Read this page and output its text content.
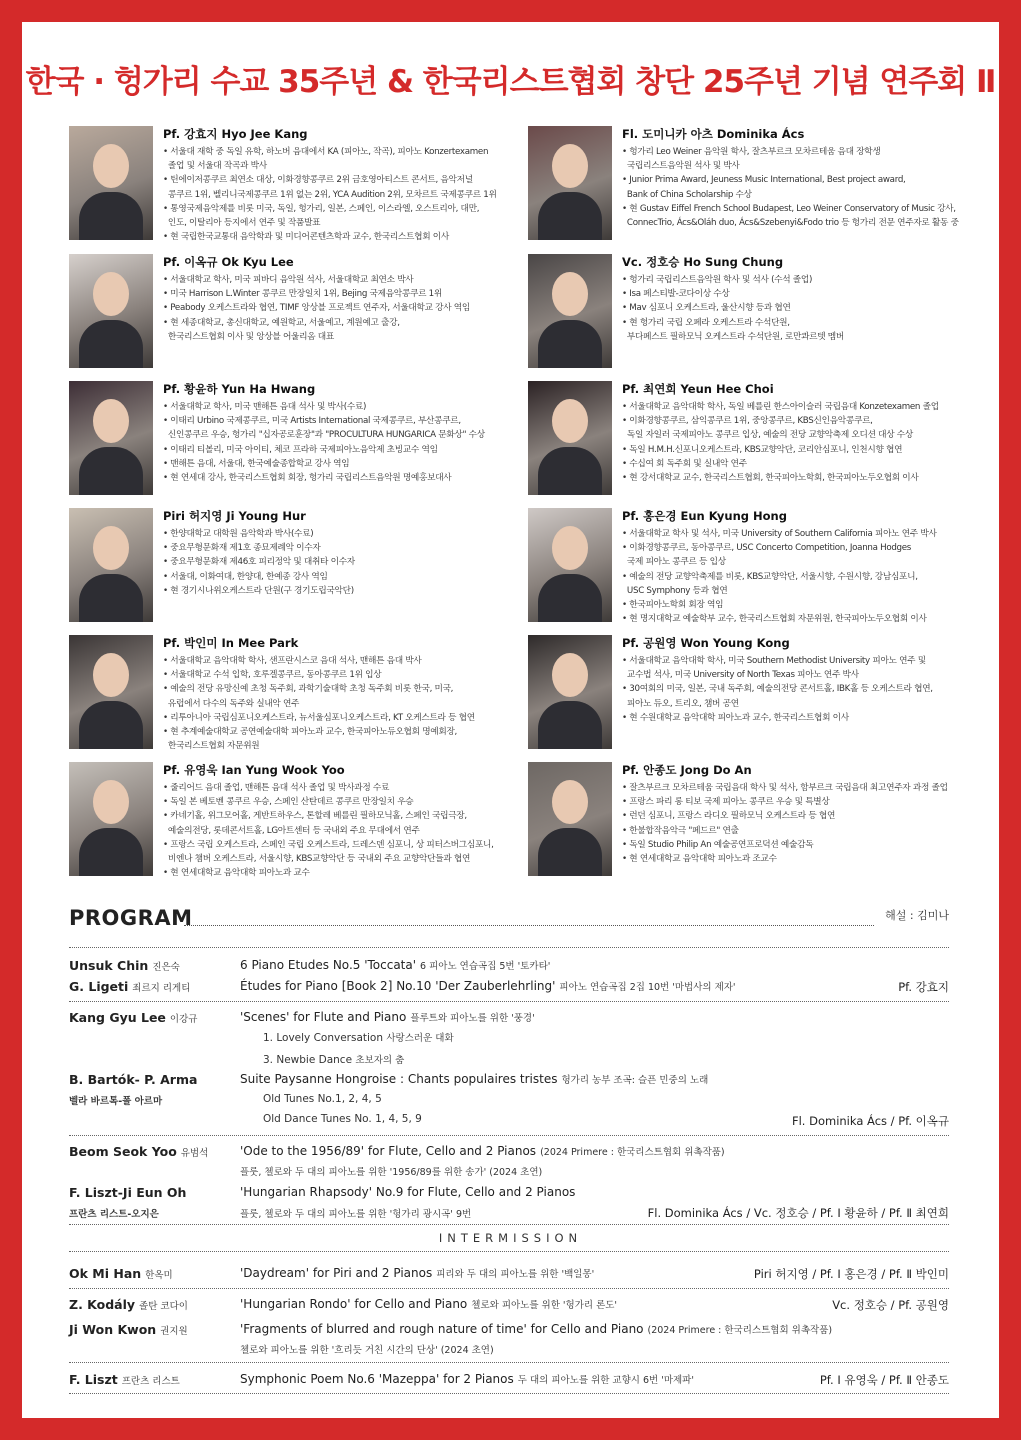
한국 · 헝가리 수교 35주년 & 한국리스트협회 창단 25주년 기념 연주회 Ⅱ
Pf. 강효지 Hyo Jee Kang
• 서울대 재학 중 독일 유학, 하노버 음대에서 KA (피아노, 작곡), 피아노 Konzertexamen
졸업 및 서울대 작곡과 박사
• 틴에이저콩쿠르 최연소 대상, 이화경향콩쿠르 2위 금호영아티스트 콘서트, 음악저널
콩쿠르 1위, 벨리니국제콩쿠르 1위 없는 2위, YCA Audition 2위, 모차르트 국제콩쿠르 1위
• 통영국제음악제를 비롯 미국, 독일, 헝가리, 일본, 스페인, 이스라엘, 오스트리아, 대만,
인도, 이탈리아 등지에서 연주 및 작품발표
• 현 국립한국교통대 음악학과 및 미디어콘텐츠학과 교수, 한국리스트협회 이사
Fl. 도미니카 아츠 Dominika Ács
• 헝가리 Leo Weiner 음악원 학사, 잘츠부르크 모차르테움 음대 장학생
국립리스트음악원 석사 및 박사
• Junior Prima Award, Jeuness Music International, Best project award,
Bank of China Scholarship 수상
• 현 Gustav Eiffel French School Budapest, Leo Weiner Conservatory of Music 강사,
ConnecTrio, Ács&Oláh duo, Ács&Szebenyi&Fodo trio 등 헝가리 전문 연주자로 활동 중
Pf. 이옥규 Ok Kyu Lee
• 서울대학교 학사, 미국 피바디 음악원 석사, 서울대학교 최연소 박사
• 미국 Harrison L.Winter 콩쿠르 만장일치 1위, Bejing 국제음악콩쿠르 1위
• Peabody 오케스트라와 협연, TIMF 앙상블 프로젝트 연주자, 서울대학교 강사 역임
• 현 세종대학교, 총신대학교, 예원학교, 서울예고, 계원예고 출강,
한국리스트협회 이사 및 앙상블 어울리옴 대표
Vc. 정호승 Ho Sung Chung
• 헝가리 국립리스트음악원 학사 및 석사 (수석 졸업)
• Isa 페스티발-코다이상 수상
• Mav 심포니 오케스트라, 울산시향 등과 협연
• 현 헝가리 국립 오페라 오케스트라 수석단원,
부다페스트 필하모닉 오케스트라 수석단원, 로만콰르텟 멤버
Pf. 황윤하 Yun Ha Hwang
• 서울대학교 학사, 미국 맨해튼 음대 석사 및 박사(수료)
• 이태리 Urbino 국제콩쿠르, 미국 Artists International 국제콩쿠르, 부산콩쿠르,
신인콩쿠르 우승, 헝가리 "십자공로훈장"과 "PROCULTURA HUNGARICA 문화상" 수상
• 이태리 티볼리, 미국 아이티, 체코 프라하 국제피아노음악제 초빙교수 역임
• 맨해튼 음대, 서울대, 한국예술종합학교 강사 역임
• 현 연세대 강사, 한국리스트협회 회장, 헝가리 국립리스트음악원 명예홍보대사
Pf. 최연희 Yeun Hee Choi
• 서울대학교 음악대학 학사, 독일 베를린 한스아이슬러 국립음대 Konzetexamen 졸업
• 이화경향콩쿠르, 삼익콩쿠르 1위, 중앙콩쿠르, KBS신인음악콩쿠르,
독일 자일러 국제피아노 콩쿠르 입상, 예술의 전당 교향악축제 오디션 대상 수상
• 독일 H.M.H.신포니오케스트라, KBS교향악단, 코리안심포니, 인천시향 협연
• 수십여 회 독주회 및 실내악 연주
• 현 강서대학교 교수, 한국리스트협회, 한국피아노학회, 한국피아노두오협회 이사
Piri 허지영 Ji Young Hur
• 한양대학교 대학원 음악학과 박사(수료)
• 중요무형문화재 제1호 종묘제례악 이수자
• 중요무형문화재 제46호 피리정악 및 대취타 이수자
• 서울대, 이화여대, 한양대, 한예종 강사 역임
• 현 경기시나위오케스트라 단원(구 경기도립국악단)
Pf. 홍은경 Eun Kyung Hong
• 서울대학교 학사 및 석사, 미국 University of Southern California 피아노 연주 박사
• 이화경향콩쿠르, 동아콩쿠르, USC Concerto Competition, Joanna Hodges
국제 피아노 콩쿠르 등 입상
• 예술의 전당 교향악축제를 비롯, KBS교향악단, 서울시향, 수원시향, 강남심포니,
USC Symphony 등과 협연
• 한국피아노학회 회장 역임
• 현 명지대학교 예술학부 교수, 한국리스트협회 자문위원, 한국피아노두오협회 이사
Pf. 박인미 In Mee Park
• 서울대학교 음악대학 학사, 샌프란시스코 음대 석사, 맨해튼 음대 박사
• 서울대학교 수석 입학, 호루겔콩쿠르, 동아콩쿠르 1위 입상
• 예술의 전당 유망신예 초청 독주회, 과학기술대학 초청 독주회 비롯 한국, 미국,
유럽에서 다수의 독주와 실내악 연주
• 리투아니아 국립심포니오케스트라, 뉴서울심포니오케스트라, KT 오케스트라 등 협연
• 현 추계예술대학교 공연예술대학 피아노과 교수, 한국피아노듀오협회 명예회장,
한국리스트협회 자문위원
Pf. 공원영 Won Young Kong
• 서울대학교 음악대학 학사, 미국 Southern Methodist University 피아노 연주 및
교수법 석사, 미국 University of North Texas 피아노 연주 박사
• 30여회의 미국, 일본, 국내 독주회, 예술의전당 콘서트홀, IBK홀 등 오케스트라 협연,
피아노 듀오, 트리오, 챔버 공연
• 현 수원대학교 음악대학 피아노과 교수, 한국리스트협회 이사
Pf. 유영욱 Ian Yung Wook Yoo
• 줄리어드 음대 졸업, 맨해튼 음대 석사 졸업 및 박사과정 수료
• 독일 본 베토벤 콩쿠르 우승, 스페인 산탄데르 콩쿠르 만장일치 우승
• 카네기홀, 위그모어홀, 게반트하우스, 톤할레 베를린 필하모닉홀, 스페인 국립극장,
예술의전당, 롯데콘서트홀, LG아트센터 등 국내외 주요 무대에서 연주
• 프랑스 국립 오케스트라, 스페인 국립 오케스트라, 드레스덴 심포니, 상 피터스버그심포니,
비엔나 챔버 오케스트라, 서울시향, KBS교향악단 등 국내외 주요 교향악단들과 협연
• 현 연세대학교 음악대학 피아노과 교수
Pf. 안종도 Jong Do An
• 잘츠부르크 모차르테움 국립음대 학사 및 석사, 함부르크 국립음대 최고연주자 과정 졸업
• 프랑스 파리 롱 티보 국제 피아노 콩쿠르 우승 및 특별상
• 런던 심포니, 프랑스 라디오 필하모닉 오케스트라 등 협연
• 한불합작음악극 "페드르" 연출
• 독일 Studio Philip An 예술공연프로덕션 예술감독
• 현 연세대학교 음악대학 피아노과 조교수
PROGRAM	해설 : 김미나
Unsuk Chin 진은숙	6 Piano Etudes No.5 'Toccata' 6 피아노 연습곡집 5번 '토카타'
G. Ligeti 죄르지 리게티	Études for Piano [Book 2] No.10 'Der Zauberlehrling' 피아노 연습곡집 2집 10번 '마법사의 제자'	Pf. 강효지
Kang Gyu Lee 이강규	'Scenes' for Flute and Piano 플루트와 피아노를 위한 '풍경'
1. Lovely Conversation 사랑스러운 대화
3. Newbie Dance 초보자의 춤
B. Bartók- P. Arma	Suite Paysanne Hongroise : Chants populaires tristes 헝가리 농부 조곡: 슬픈 민중의 노래
벨라 바르톡-폴 아르마	Old Tunes No.1, 2, 4, 5
Old Dance Tunes No. 1, 4, 5, 9	Fl. Dominika Ács / Pf. 이옥규
Beom Seok Yoo 유범석	'Ode to the 1956/89' for Flute, Cello and 2 Pianos (2024 Primere : 한국리스트협회 위촉작품)
플룻, 첼로와 두 대의 피아노를 위한 '1956/89를 위한 송가' (2024 초연)
F. Liszt-Ji Eun Oh	'Hungarian Rhapsody' No.9 for Flute, Cello and 2 Pianos
프란츠 리스트-오지은	플룻, 첼로와 두 대의 피아노를 위한 '헝가리 광시곡' 9번	Fl. Dominika Ács / Vc. 정호승 / Pf. Ⅰ 황윤하 / Pf. Ⅱ 최연희
INTERMISSION
Ok Mi Han 한옥미	'Daydream' for Piri and 2 Pianos 피리와 두 대의 피아노를 위한 '백일몽'	Piri 허지영 / Pf. Ⅰ 홍은경 / Pf. Ⅱ 박인미
Z. Kodály 졸탄 코다이	'Hungarian Rondo' for Cello and Piano 첼로와 피아노를 위한 '헝가리 론도'	Vc. 정호승 / Pf. 공원영
Ji Won Kwon 권지원	'Fragments of blurred and rough nature of time' for Cello and Piano (2024 Primere : 한국리스트협회 위촉작품)
첼로와 피아노를 위한 '흐리듯 거친 시간의 단상' (2024 초연)
F. Liszt 프란츠 리스트	Symphonic Poem No.6 'Mazeppa' for 2 Pianos 두 대의 피아노를 위한 교향시 6번 '마제파'	Pf. Ⅰ 유영욱 / Pf. Ⅱ 안종도
